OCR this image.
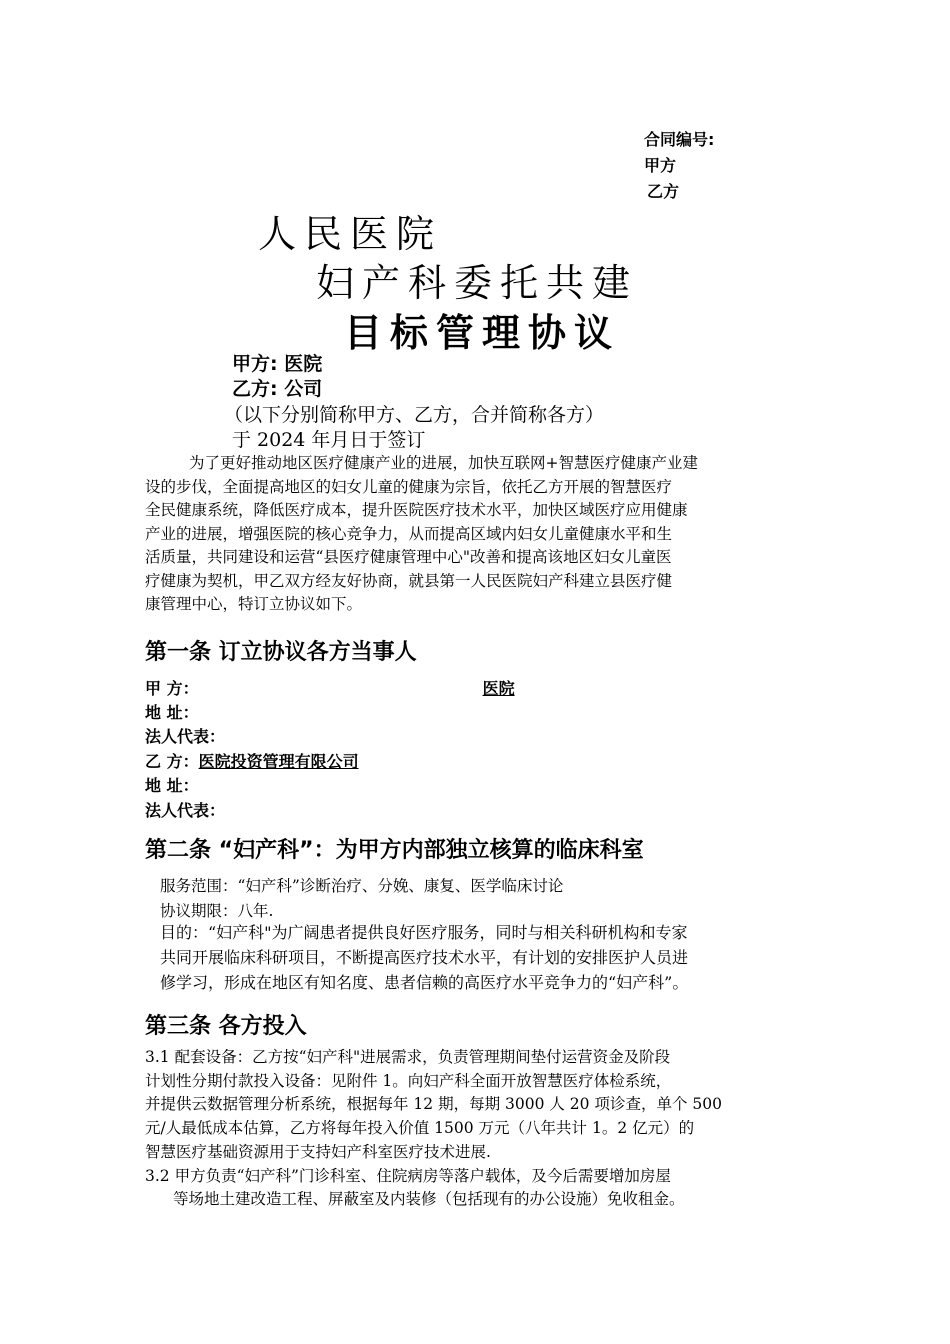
合同编号:
甲方
乙方
人民医院
妇产科委托共建
目标管理协议
甲方: 医院
乙方: 公司
（以下分别简称甲方、乙方，合并简称各方）
于 2024 年月日于签订
为了更好推动地区医疗健康产业的进展，加快互联网+智慧医疗健康产业建
设的步伐，全面提高地区的妇女儿童的健康为宗旨，依托乙方开展的智慧医疗
全民健康系统，降低医疗成本，提升医院医疗技术水平，加快区域医疗应用健康
产业的进展，增强医院的核心竞争力，从而提高区域内妇女儿童健康水平和生
活质量，共同建设和运营“县医疗健康管理中心"改善和提高该地区妇女儿童医
疗健康为契机，甲乙双方经友好协商，就县第一人民医院妇产科建立县医疗健
康管理中心，特订立协议如下。
第一条 订立协议各方当事人
甲 方：	医院
地 址：
法人代表：
乙 方：医院投资管理有限公司
地 址：
法人代表：
第二条 “妇产科”：为甲方内部独立核算的临床科室
服务范围：“妇产科”诊断治疗、分娩、康复、医学临床讨论
协议期限：八年.
目的：“妇产科"为广阔患者提供良好医疗服务，同时与相关科研机构和专家
共同开展临床科研项目，不断提高医疗技术水平，有计划的安排医护人员进
修学习，形成在地区有知名度、患者信赖的高医疗水平竞争力的“妇产科”。
第三条 各方投入
3.1 配套设备：乙方按“妇产科"进展需求，负责管理期间垫付运营资金及阶段
计划性分期付款投入设备：见附件 1。向妇产科全面开放智慧医疗体检系统，
并提供云数据管理分析系统，根据每年 12 期，每期 3000 人 20 项诊查，单个 500
元/人最低成本估算，乙方将每年投入价值 1500 万元（八年共计 1。2 亿元）的
智慧医疗基础资源用于支持妇产科室医疗技术进展.
3.2 甲方负责“妇产科”门诊科室、住院病房等落户载体，及今后需要增加房屋
等场地土建改造工程、屏蔽室及内装修（包括现有的办公设施）免收租金。
